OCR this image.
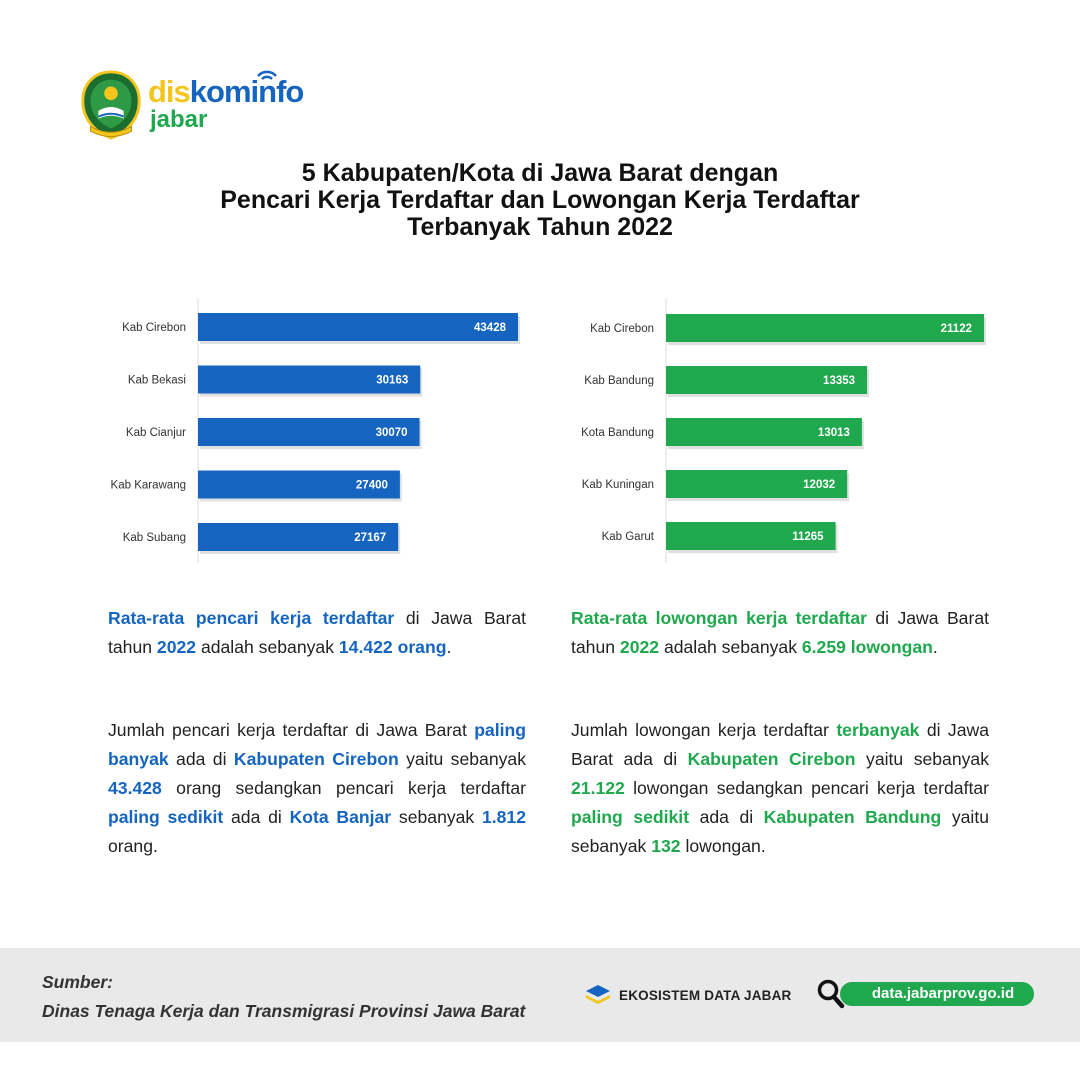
diskominfo
jabar
5 Kabupaten/Kota di Jawa Barat dengan
Pencari Kerja Terdaftar dan Lowongan Kerja Terdaftar
Terbanyak Tahun 2022
Kab Cirebon	43428
Kab Bekasi	30163
Kab Cianjur	30070
Kab Karawang	27400
Kab Subang	27167
Kab Cirebon	21122
Kab Bandung	13353
Kota Bandung	13013
Kab Kuningan	12032
Kab Garut	11265

Rata-rata pencari kerja terdaftar di Jawa Barat tahun 2022 adalah sebanyak 14.422 orang.

Jumlah pencari kerja terdaftar di Jawa Barat paling banyak ada di Kabupaten Cirebon yaitu sebanyak 43.428 orang sedangkan pencari kerja terdaftar paling sedikit ada di Kota Banjar sebanyak 1.812 orang.

Rata-rata lowongan kerja terdaftar di Jawa Barat tahun 2022 adalah sebanyak 6.259 lowongan.

Jumlah lowongan kerja terdaftar terbanyak di Jawa Barat ada di Kabupaten Cirebon yaitu sebanyak 21.122 lowongan sedangkan pencari kerja terdaftar paling sedikit ada di Kabupaten Bandung yaitu sebanyak 132 lowongan.

Sumber:
Dinas Tenaga Kerja dan Transmigrasi Provinsi Jawa Barat
EKOSISTEM DATA JABAR	data.jabarprov.go.id
